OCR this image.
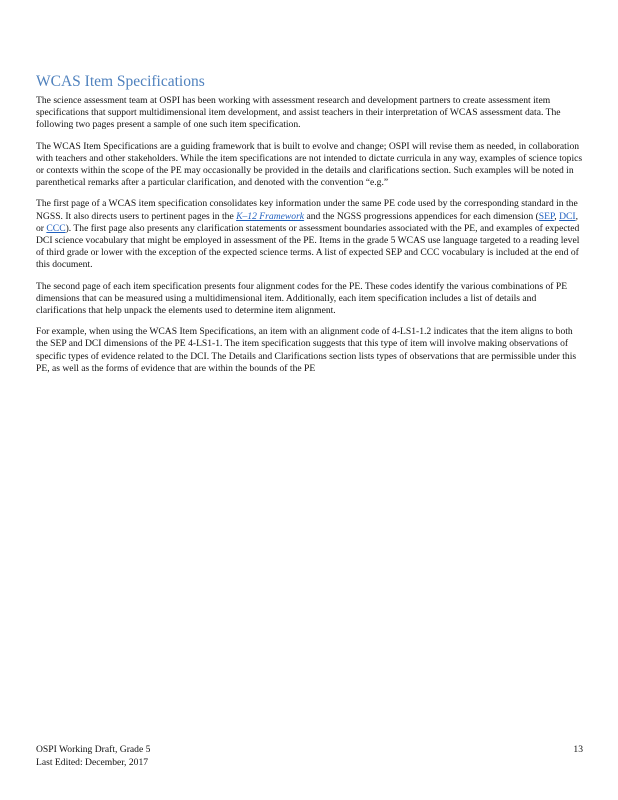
WCAS Item Specifications

The science assessment team at OSPI has been working with assessment research and development partners to create assessment item specifications that support multidimensional item development, and assist teachers in their interpretation of WCAS assessment data. The following two pages present a sample of one such item specification.

The WCAS Item Specifications are a guiding framework that is built to evolve and change; OSPI will revise them as needed, in collaboration with teachers and other stakeholders. While the item specifications are not intended to dictate curricula in any way, examples of science topics or contexts within the scope of the PE may occasionally be provided in the details and clarifications section. Such examples will be noted in parenthetical remarks after a particular clarification, and denoted with the convention “e.g.”

The first page of a WCAS item specification consolidates key information under the same PE code used by the corresponding standard in the NGSS. It also directs users to pertinent pages in the K–12 Framework and the NGSS progressions appendices for each dimension (SEP, DCI, or CCC). The first page also presents any clarification statements or assessment boundaries associated with the PE, and examples of expected DCI science vocabulary that might be employed in assessment of the PE. Items in the grade 5 WCAS use language targeted to a reading level of third grade or lower with the exception of the expected science terms. A list of expected SEP and CCC vocabulary is included at the end of this document.

The second page of each item specification presents four alignment codes for the PE. These codes identify the various combinations of PE dimensions that can be measured using a multidimensional item. Additionally, each item specification includes a list of details and clarifications that help unpack the elements used to determine item alignment.

For example, when using the WCAS Item Specifications, an item with an alignment code of 4-LS1-1.2 indicates that the item aligns to both the SEP and DCI dimensions of the PE 4-LS1-1. The item specification suggests that this type of item will involve making observations of specific types of evidence related to the DCI. The Details and Clarifications section lists types of observations that are permissible under this PE, as well as the forms of evidence that are within the bounds of the PE

OSPI Working Draft, Grade 5
Last Edited: December, 2017
13
